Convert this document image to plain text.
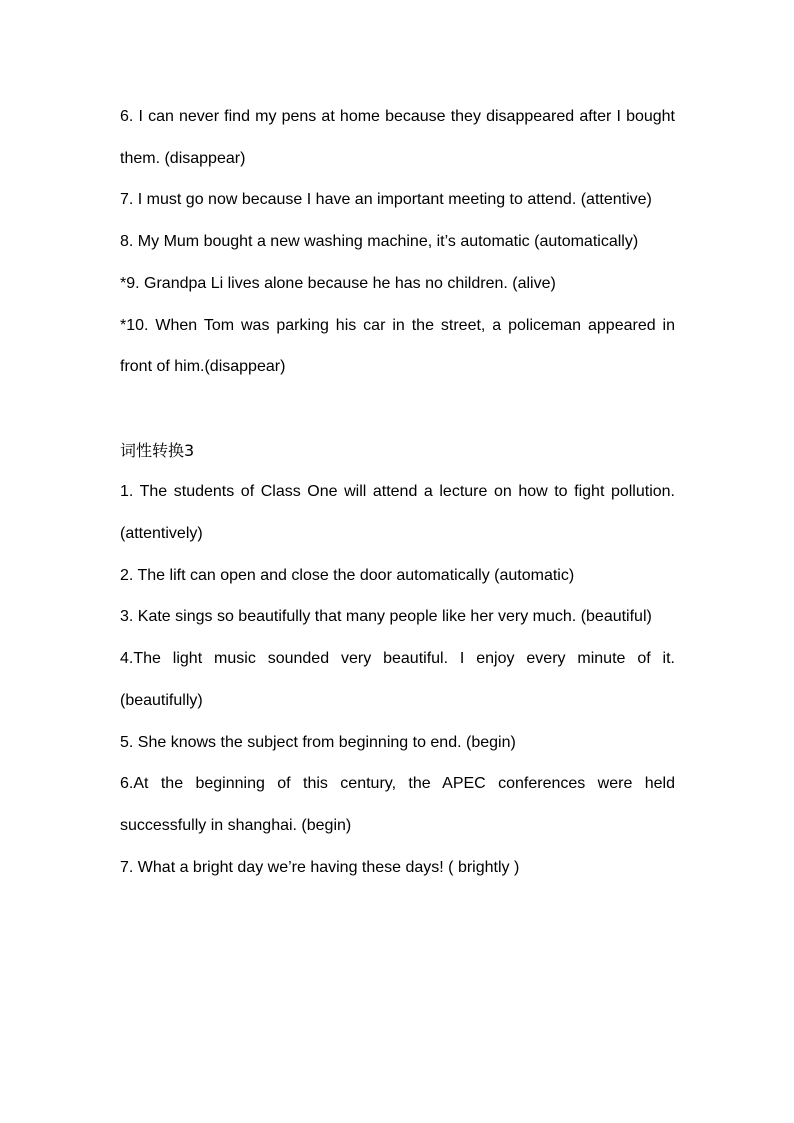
6. I can never find my pens at home because they disappeared after I bought them. (disappear)

7. I must go now because I have an important meeting to attend. (attentive)

8. My Mum bought a new washing machine, it’s automatic (automatically)

*9. Grandpa Li lives alone because he has no children. (alive)

*10. When Tom was parking his car in the street, a policeman appeared in front of him.(disappear)

词性转换3

1. The students of Class One will attend a lecture on how to fight pollution. (attentively)

2. The lift can open and close the door automatically (automatic)

3. Kate sings so beautifully that many people like her very much. (beautiful)

4.The light music sounded very beautiful. I enjoy every minute of it. (beautifully)

5. She knows the subject from beginning to end. (begin)

6.At the beginning of this century, the APEC conferences were held successfully in shanghai. (begin)

7. What a bright day we’re having these days! ( brightly )
